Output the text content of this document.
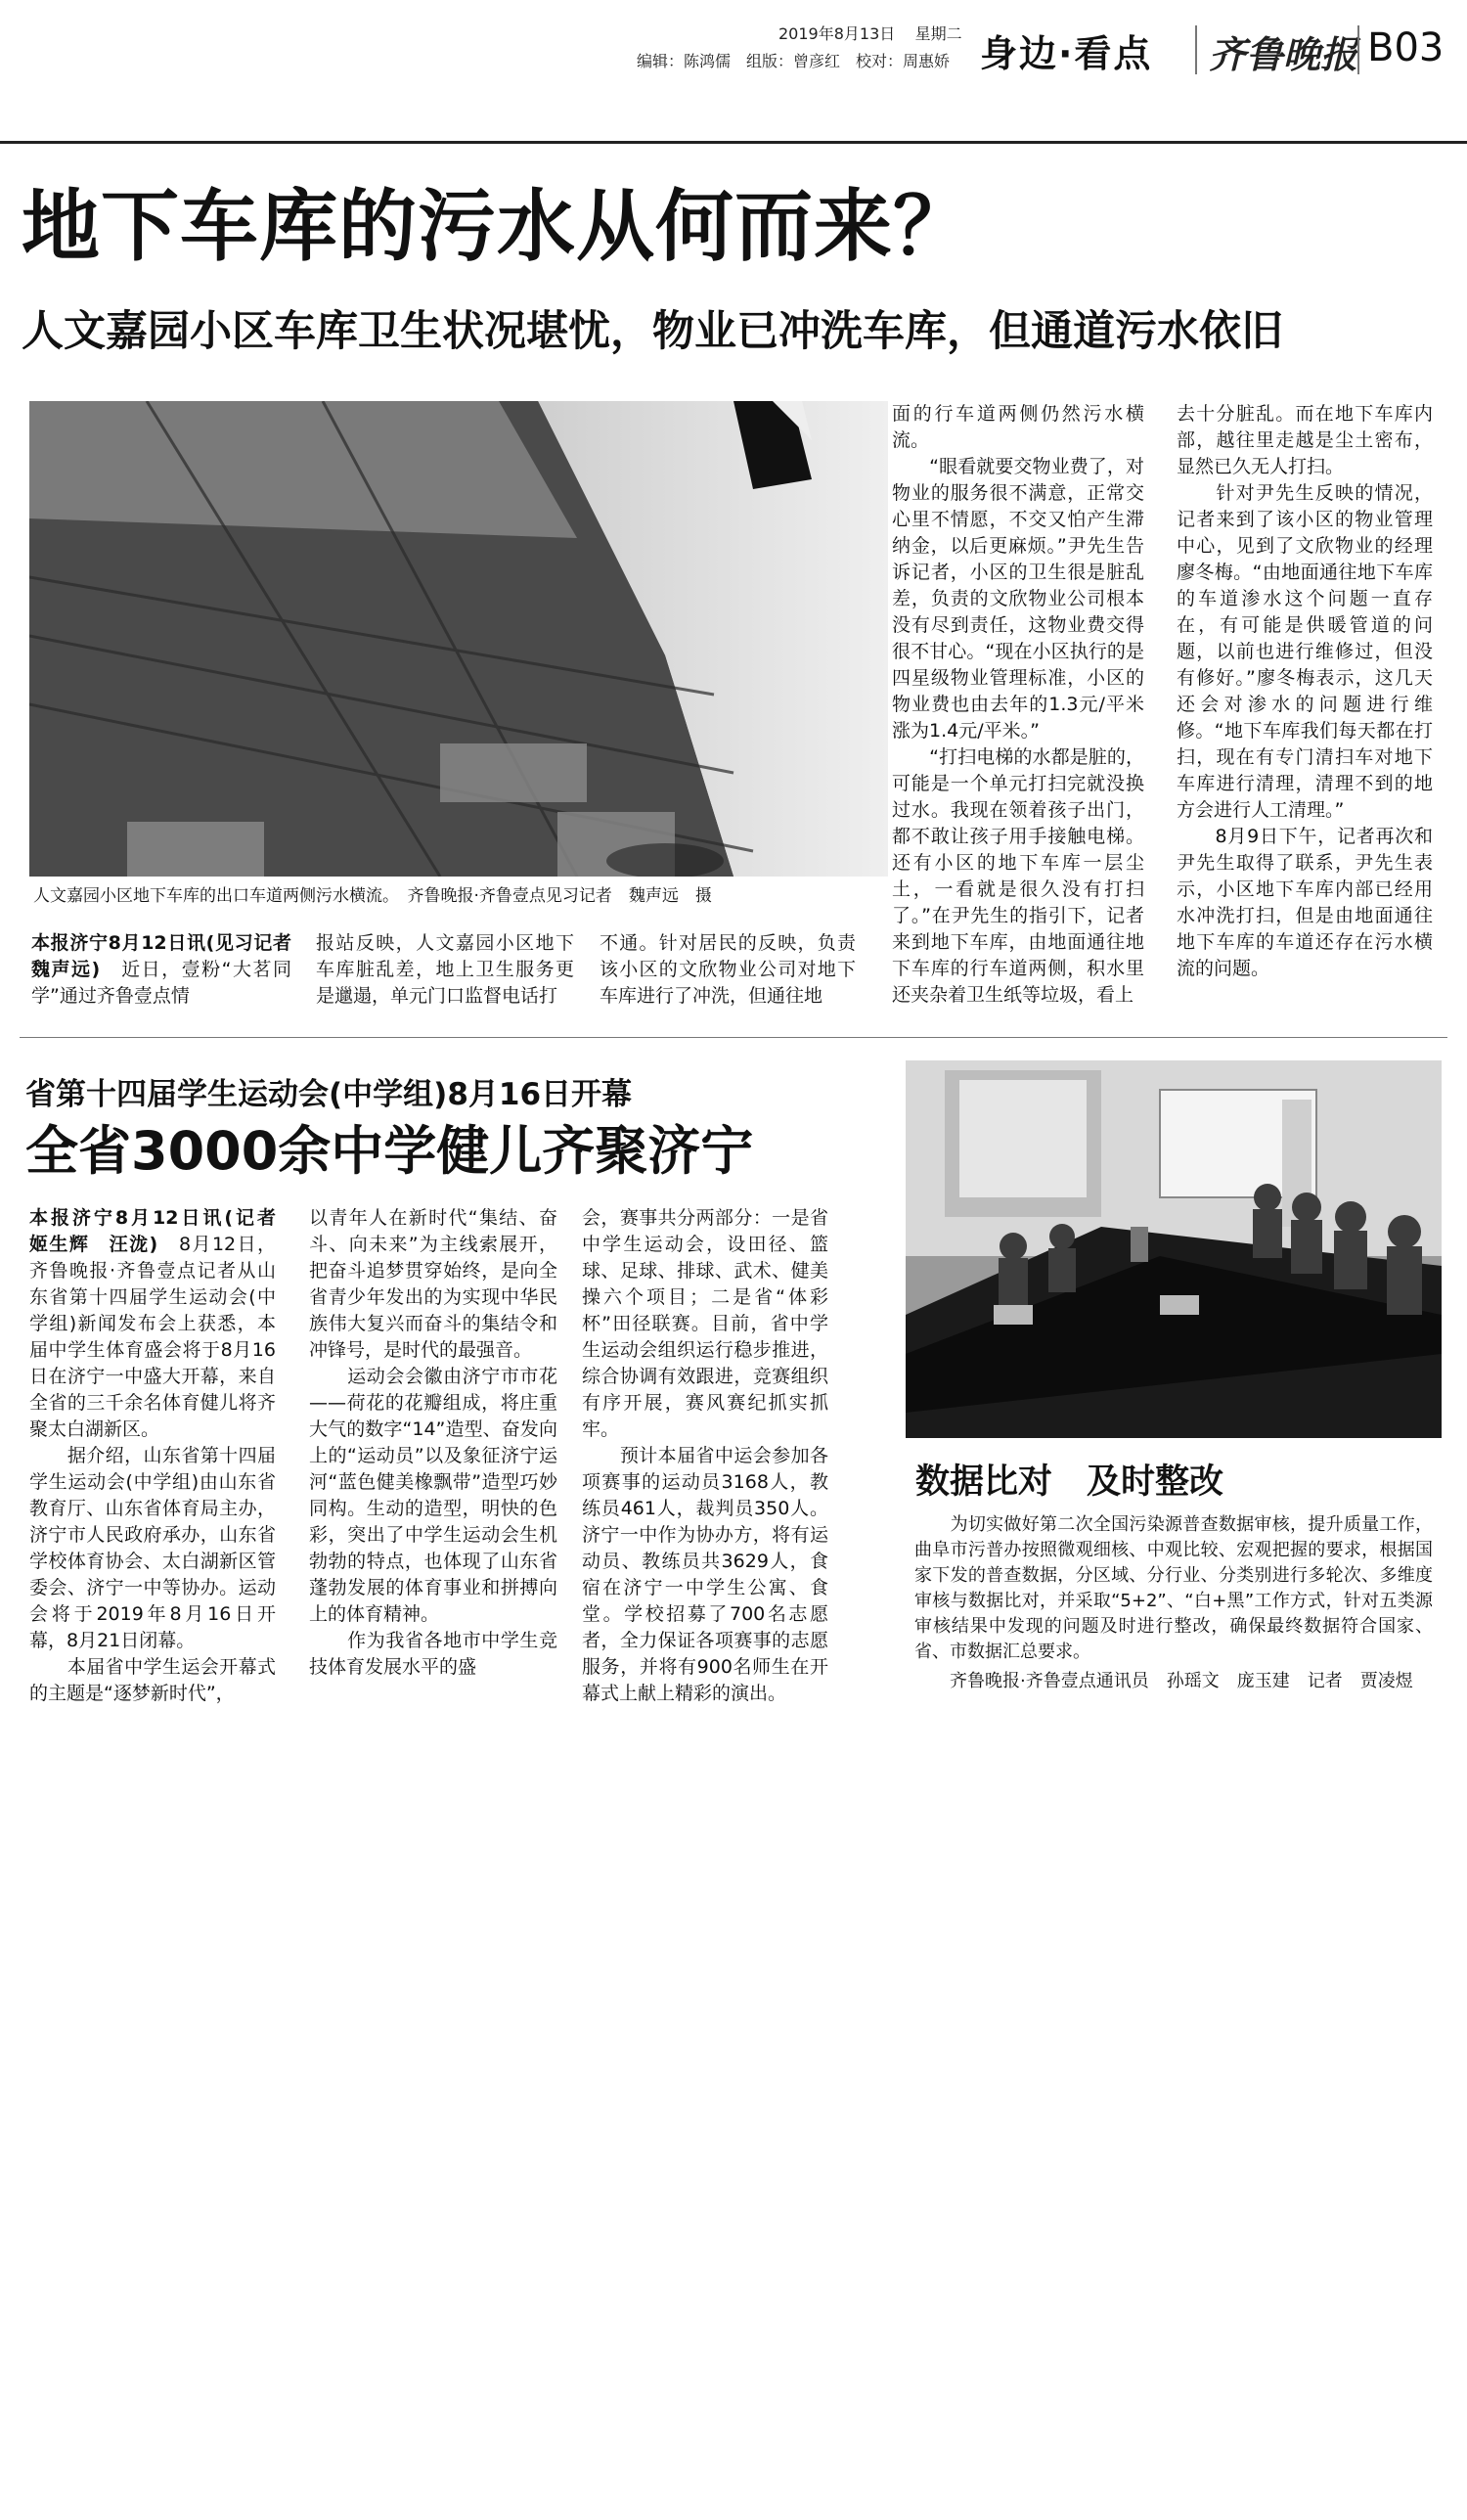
2019年8月13日 星期二
编辑：陈鸿儒　组版：曾彦红　校对：周惠娇 身边·看点 齐鲁晚报 B03
地下车库的污水从何而来？
人文嘉园小区车库卫生状况堪忧，物业已冲洗车库，但通道污水依旧
人文嘉园小区地下车库的出口车道两侧污水横流。　齐鲁晚报·齐鲁壹点见习记者　魏声远　摄
本报济宁8月12日讯(见习记者　魏声远)　 近日，壹粉“大茗同学”通过齐鲁壹点情
报站反映，人文嘉园小区地下车库脏乱差，地上卫生服务更是邋遢，单元门口监督电话打
不通。针对居民的反映，负责该小区的文欣物业公司对地下车库进行了冲洗，但通往地
面的行车道两侧仍然污水横流。
　　“眼看就要交物业费了，对物业的服务很不满意，正常交心里不情愿，不交又怕产生滞纳金，以后更麻烦。”尹先生告诉记者，小区的卫生很是脏乱差，负责的文欣物业公司根本没有尽到责任，这物业费交得很不甘心。“现在小区执行的是四星级物业管理标准，小区的物业费也由去年的1.3元/平米涨为1.4元/平米。”
　　“打扫电梯的水都是脏的，可能是一个单元打扫完就没换过水。我现在领着孩子出门，都不敢让孩子用手接触电梯。还有小区的地下车库一层尘土，一看就是很久没有打扫了。”在尹先生的指引下，记者来到地下车库，由地面通往地下车库的行车道两侧，积水里还夹杂着卫生纸等垃圾，看上
去十分脏乱。而在地下车库内部，越往里走越是尘土密布，显然已久无人打扫。
　　针对尹先生反映的情况，记者来到了该小区的物业管理中心，见到了文欣物业的经理廖冬梅。“由地面通往地下车库的车道渗水这个问题一直存在，有可能是供暖管道的问题，以前也进行维修过，但没有修好。”廖冬梅表示，这几天还会对渗水的问题进行维修。“地下车库我们每天都在打扫，现在有专门清扫车对地下车库进行清理，清理不到的地方会进行人工清理。”
　　8月9日下午，记者再次和尹先生取得了联系，尹先生表示，小区地下车库内部已经用水冲洗打扫，但是由地面通往地下车库的车道还存在污水横流的问题。
省第十四届学生运动会(中学组)8月16日开幕
全省3000余中学健儿齐聚济宁
本报济宁8月12日讯(记者　姬生辉　汪泷)　 8月12日，齐鲁晚报·齐鲁壹点记者从山东省第十四届学生运动会(中学组)新闻发布会上获悉，本届中学生体育盛会将于8月16日在济宁一中盛大开幕，来自全省的三千余名体育健儿将齐聚太白湖新区。
　　据介绍，山东省第十四届学生运动会(中学组)由山东省教育厅、山东省体育局主办，济宁市人民政府承办，山东省学校体育协会、太白湖新区管委会、济宁一中等协办。运动会将于2019年8月16日开幕，8月21日闭幕。
　　本届省中学生运会开幕式的主题是“逐梦新时代”，
以青年人在新时代“集结、奋斗、向未来”为主线索展开，把奋斗追梦贯穿始终，是向全省青少年发出的为实现中华民族伟大复兴而奋斗的集结令和冲锋号，是时代的最强音。
　　运动会会徽由济宁市市花——荷花的花瓣组成，将庄重大气的数字“14”造型、奋发向上的“运动员”以及象征济宁运河“蓝色健美橡飘带”造型巧妙同构。生动的造型，明快的色彩，突出了中学生运动会生机勃勃的特点，也体现了山东省蓬勃发展的体育事业和拼搏向上的体育精神。
　　作为我省各地市中学生竞技体育发展水平的盛
会，赛事共分两部分：一是省中学生运动会，设田径、篮球、足球、排球、武术、健美操六个项目；二是省“体彩杯”田径联赛。目前，省中学生运动会组织运行稳步推进，综合协调有效跟进，竞赛组织有序开展，赛风赛纪抓实抓牢。
　　预计本届省中运会参加各项赛事的运动员3168人，教练员461人，裁判员350人。济宁一中作为协办方，将有运动员、教练员共3629人，食宿在济宁一中学生公寓、食堂。学校招募了700名志愿者，全力保证各项赛事的志愿服务，并将有900名师生在开幕式上献上精彩的演出。
数据比对　及时整改
　　为切实做好第二次全国污染源普查数据审核，提升质量工作，曲阜市污普办按照微观细核、中观比较、宏观把握的要求，根据国家下发的普查数据，分区域、分行业、分类别进行多轮次、多维度审核与数据比对，并采取“5+2”、“白+黑”工作方式，针对五类源审核结果中发现的问题及时进行整改，确保最终数据符合国家、省、市数据汇总要求。
　　齐鲁晚报·齐鲁壹点通讯员　孙瑶文　庞玉建　记者　贾凌煜
